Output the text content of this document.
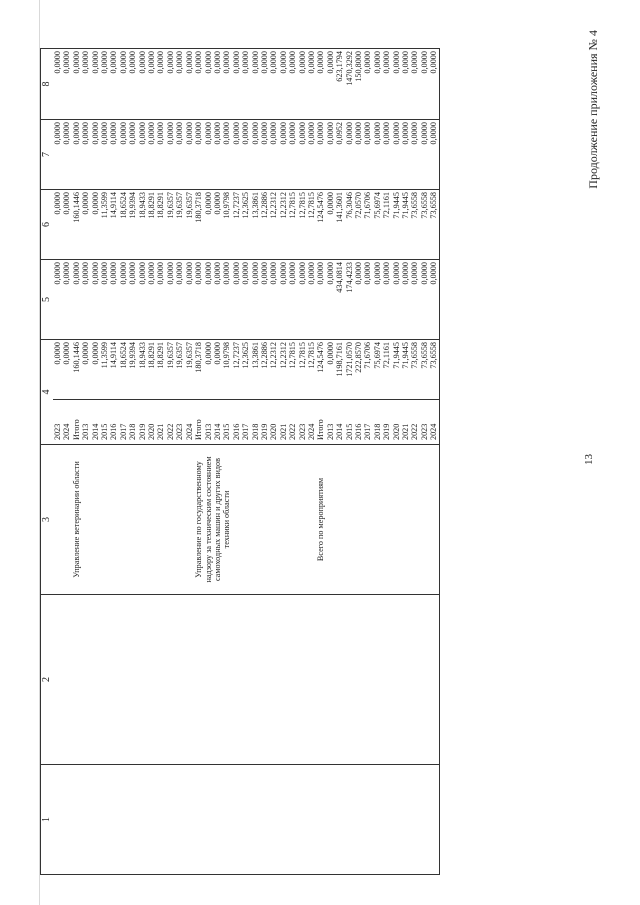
13
Продолжение приложения № 4
1	2	3	4		5	6	7	8
			2023	0,0000	0,0000	0,0000	0,0000	0,0000
			2024	0,0000	0,0000	0,0000	0,0000	0,0000

		Управление ветеринарии области	Итого	160,1446	0,0000	160,1446	0,0000	0,0000
			2013	0,0000	0,0000	0,0000	0,0000	0,0000
			2014	0,0000	0,0000	0,0000	0,0000	0,0000
			2015	11,3599	0,0000	11,3599	0,0000	0,0000
			2016	14,9114	0,0000	14,9114	0,0000	0,0000
			2017	18,6524	0,0000	18,6524	0,0000	0,0000
			2018	19,9394	0,0000	19,9394	0,0000	0,0000
			2019	18,9433	0,0000	18,9433	0,0000	0,0000
			2020	18,8291	0,0000	18,8291	0,0000	0,0000
			2021	18,8291	0,0000	18,8291	0,0000	0,0000
			2022	19,6357	0,0000	19,6357	0,0000	0,0000
			2023	19,6357	0,0000	19,6357	0,0000	0,0000
			2024	19,6357	0,0000	19,6357	0,0000	0,0000

		Управление по государственному надзору за техническим состоянием самоходных машин и других видов техники области	Итого	180,3718	0,0000	180,3718	0,0000	0,0000
			2013	0,0000	0,0000	0,0000	0,0000	0,0000
			2014	0,0000	0,0000	0,0000	0,0000	0,0000
			2015	10,9798	0,0000	10,9798	0,0000	0,0000
			2016	12,7237	0,0000	12,7237	0,0000	0,0000
			2017	12,3625	0,0000	12,3625	0,0000	0,0000
			2018	13,3861	0,0000	13,3861	0,0000	0,0000
			2019	12,2886	0,0000	12,2886	0,0000	0,0000
			2020	12,2312	0,0000	12,2312	0,0000	0,0000
			2021	12,2312	0,0000	12,2312	0,0000	0,0000
			2022	12,7815	0,0000	12,7815	0,0000	0,0000
			2023	12,7815	0,0000	12,7815	0,0000	0,0000
			2024	12,7815	0,0000	12,7815	0,0000	0,0000

		Всего по мероприятиям	Итого	124,5476	0,0000	124,5476	0,0000	0,0000
			2013	0,0000	0,0000	0,0000	0,0000	0,0000
			2014	1198,7161	434,0814	141,3601	0,0952	623,1794
			2015	1721,0570	174,4233	76,3046	0,0000	1470,3292
			2016	222,8570	0,0000	72,0570	0,0000	150,8000
			2017	71,6706	0,0000	71,6706	0,0000	0,0000
			2018	75,6974	0,0000	75,6974	0,0000	0,0000
			2019	72,1161	0,0000	72,1161	0,0000	0,0000
			2020	71,9445	0,0000	71,9445	0,0000	0,0000
			2021	71,9445	0,0000	71,9445	0,0000	0,0000
			2022	73,6558	0,0000	73,6558	0,0000	0,0000
			2023	73,6558	0,0000	73,6558	0,0000	0,0000
			2024	73,6558	0,0000	73,6558	0,0000	0,0000
